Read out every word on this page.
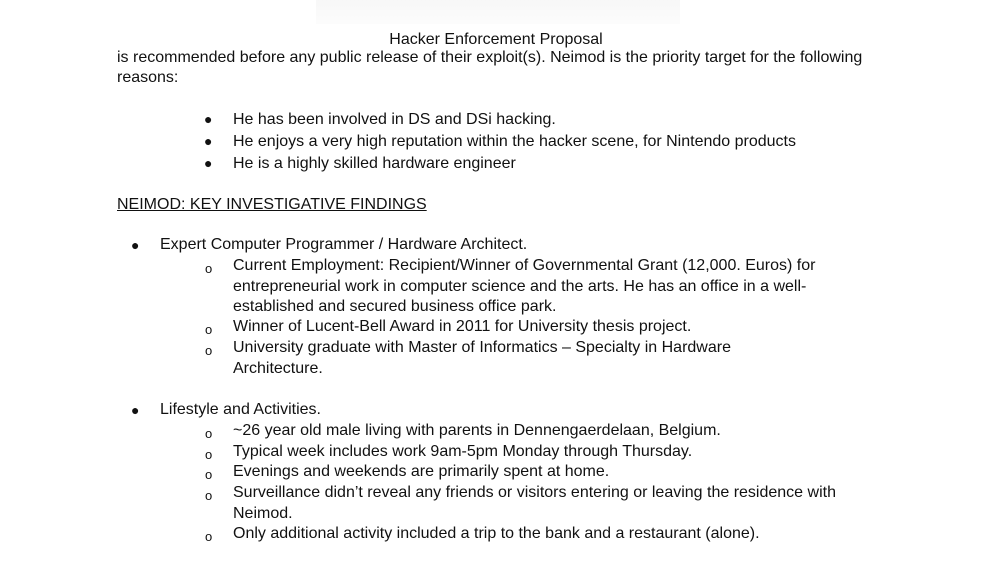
Hacker Enforcement Proposal
is recommended before any public release of their exploit(s). Neimod is the priority target for the following reasons:
● He has been involved in DS and DSi hacking.
● He enjoys a very high reputation within the hacker scene, for Nintendo products
● He is a highly skilled hardware engineer
NEIMOD: KEY INVESTIGATIVE FINDINGS
● Expert Computer Programmer / Hardware Architect.
o Current Employment: Recipient/Winner of Governmental Grant (12,000. Euros) for entrepreneurial work in computer science and the arts. He has an office in a well-established and secured business office park.
o Winner of Lucent-Bell Award in 2011 for University thesis project.
o University graduate with Master of Informatics – Specialty in Hardware Architecture.
● Lifestyle and Activities.
o ~26 year old male living with parents in Dennengaerdelaan, Belgium.
o Typical week includes work 9am-5pm Monday through Thursday.
o Evenings and weekends are primarily spent at home.
o Surveillance didn’t reveal any friends or visitors entering or leaving the residence with Neimod.
o Only additional activity included a trip to the bank and a restaurant (alone).
